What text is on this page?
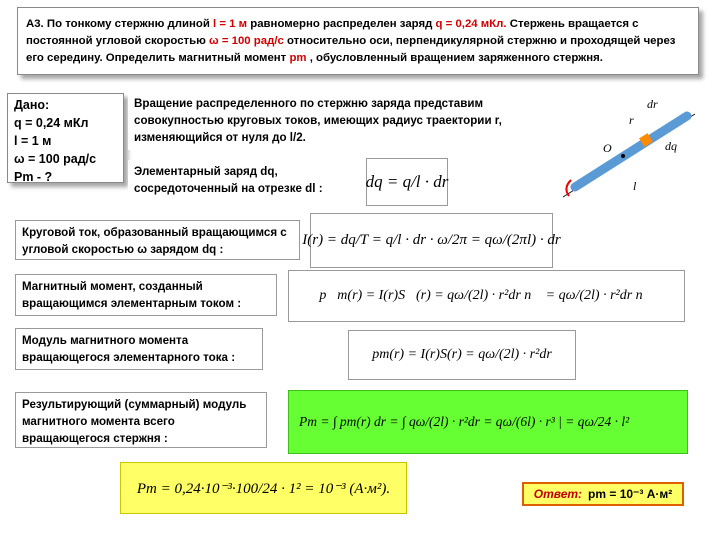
А3. По тонкому стержню длиной l = 1 м равномерно распределен заряд q = 0,24 мКл. Стержень вращается с постоянной угловой скоростью ω = 100 рад/с относительно оси, перпендикулярной стержню и проходящей через его середину. Определить магнитный момент pm , обусловленный вращением заряженного стержня.
Дано:
q = 0,24 мКл
l = 1 м
ω = 100 рад/с
Pm - ?
Вращение распределенного по стержню заряда представим совокупностью круговых токов, имеющих радиус траектории r, изменяющийся от нуля до l/2.
Элементарный заряд dq, сосредоточенный на отрезке dl :	dq = q/l · dr
O
r
dr
dq
l
Круговой ток, образованный вращающимся с угловой скоростью ω зарядом dq :
I(r) = dq/T = q/l · dr · ω/2π = qω/(2πl) · dr
Магнитный момент, созданный вращающимся элементарным током :
p⃗m(r) = I(r)S⃗(r) = qω/(2l) · r²dr n⃗ = qω/(2l) · r²dr n⃗
Модуль магнитного момента вращающегося элементарного тока :	pm(r) = I(r)S(r) = qω/(2l) · r²dr
Результирующий (суммарный) модуль магнитного момента всего вращающегося стержня :
Pm = ∫ pm(r) dr = ∫ qω/(2l) · r²dr = qω/(6l) · r³ | = qω/24 · l²
Pm = 0,24·10⁻³·100/24 · 1² = 10⁻³ (А·м²).	Ответ: pm = 10⁻³ А·м²
